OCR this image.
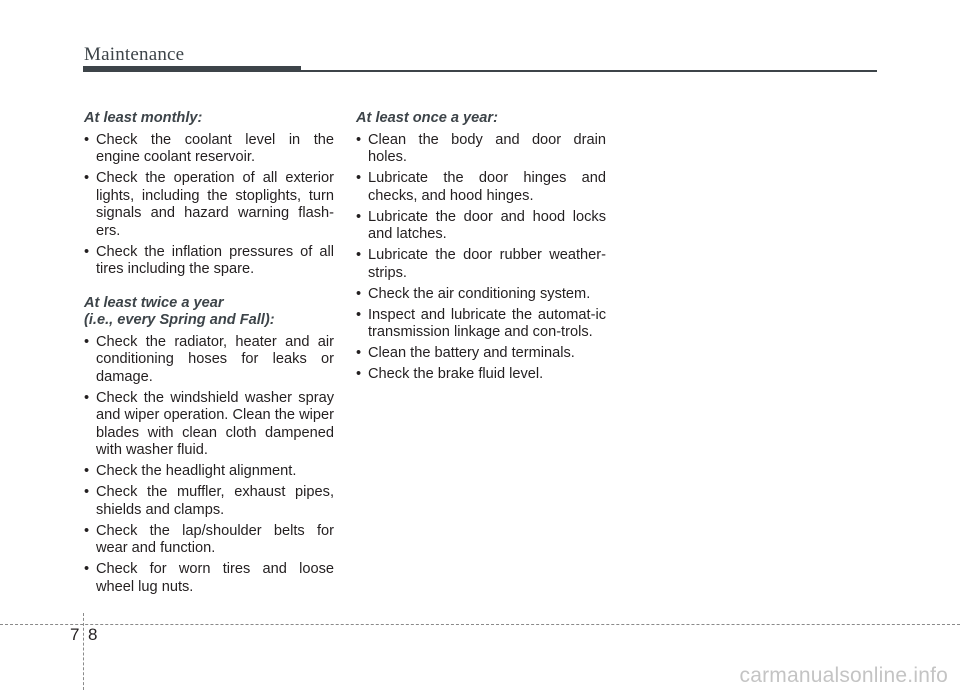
Maintenance
At least monthly:
• Check the coolant level in the engine coolant reservoir.
• Check the operation of all exterior lights, including the stoplights, turn signals and hazard warning flash-ers.
• Check the inflation pressures of all tires including the spare.
At least twice a year
(i.e., every Spring and Fall):
• Check the radiator, heater and air conditioning hoses for leaks or damage.
• Check the windshield washer spray and wiper operation. Clean the wiper blades with clean cloth dampened with washer fluid.
• Check the headlight alignment.
• Check the muffler, exhaust pipes, shields and clamps.
• Check the lap/shoulder belts for wear and function.
• Check for worn tires and loose wheel lug nuts.
At least once a year:
• Clean the body and door drain holes.
• Lubricate the door hinges and checks, and hood hinges.
• Lubricate the door and hood locks and latches.
• Lubricate the door rubber weather-strips.
• Check the air conditioning system.
• Inspect and lubricate the automat-ic transmission linkage and con-trols.
• Clean the battery and terminals.
• Check the brake fluid level.
7 8
carmanualsonline.info
